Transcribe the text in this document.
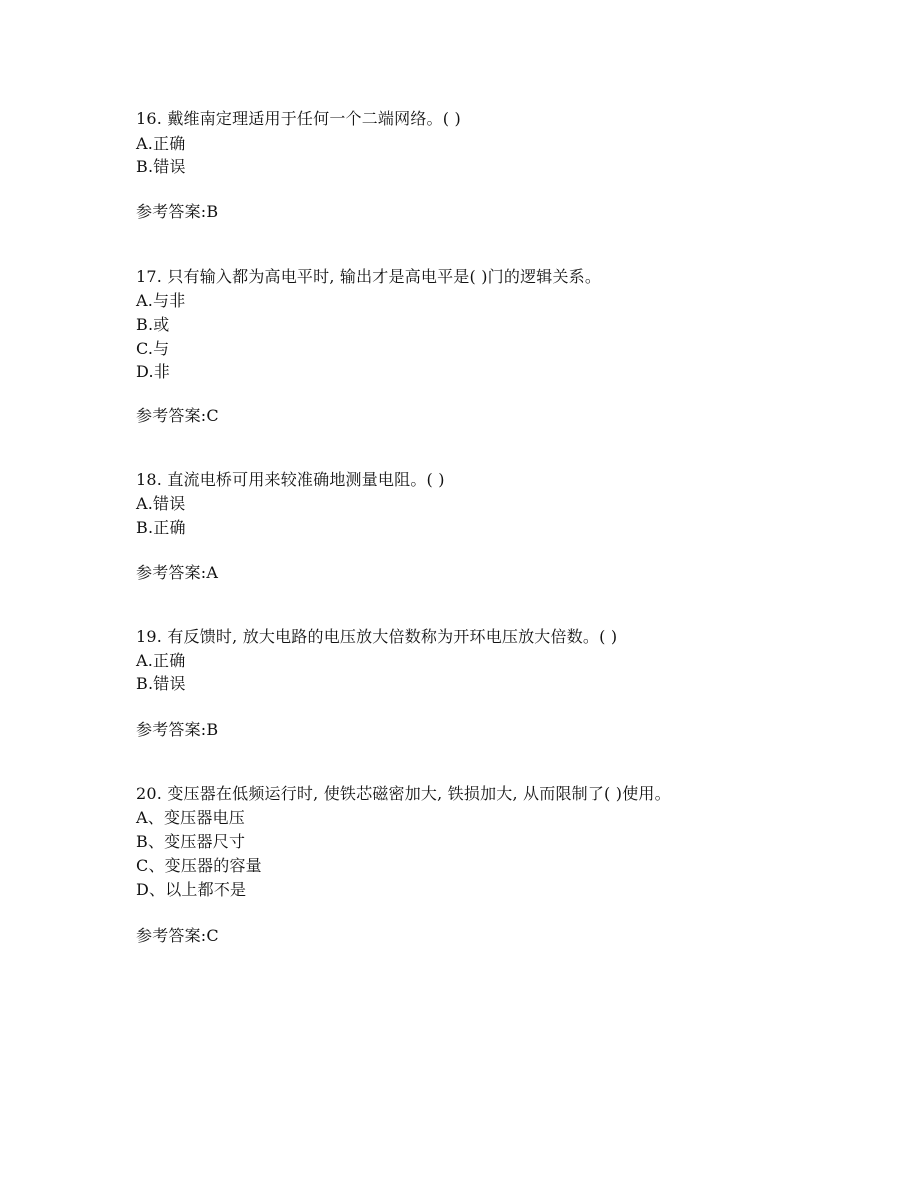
16. 戴维南定理适用于任何一个二端网络。( )
A.正确
B.错误
参考答案:B
17. 只有输入都为高电平时, 输出才是高电平是( )门的逻辑关系。
A.与非
B.或
C.与
D.非
参考答案:C
18. 直流电桥可用来较准确地测量电阻。( )
A.错误
B.正确
参考答案:A
19. 有反馈时, 放大电路的电压放大倍数称为开环电压放大倍数。( )
A.正确
B.错误
参考答案:B
20. 变压器在低频运行时, 使铁芯磁密加大, 铁损加大, 从而限制了( )使用。
A、变压器电压
B、变压器尺寸
C、变压器的容量
D、以上都不是
参考答案:C
